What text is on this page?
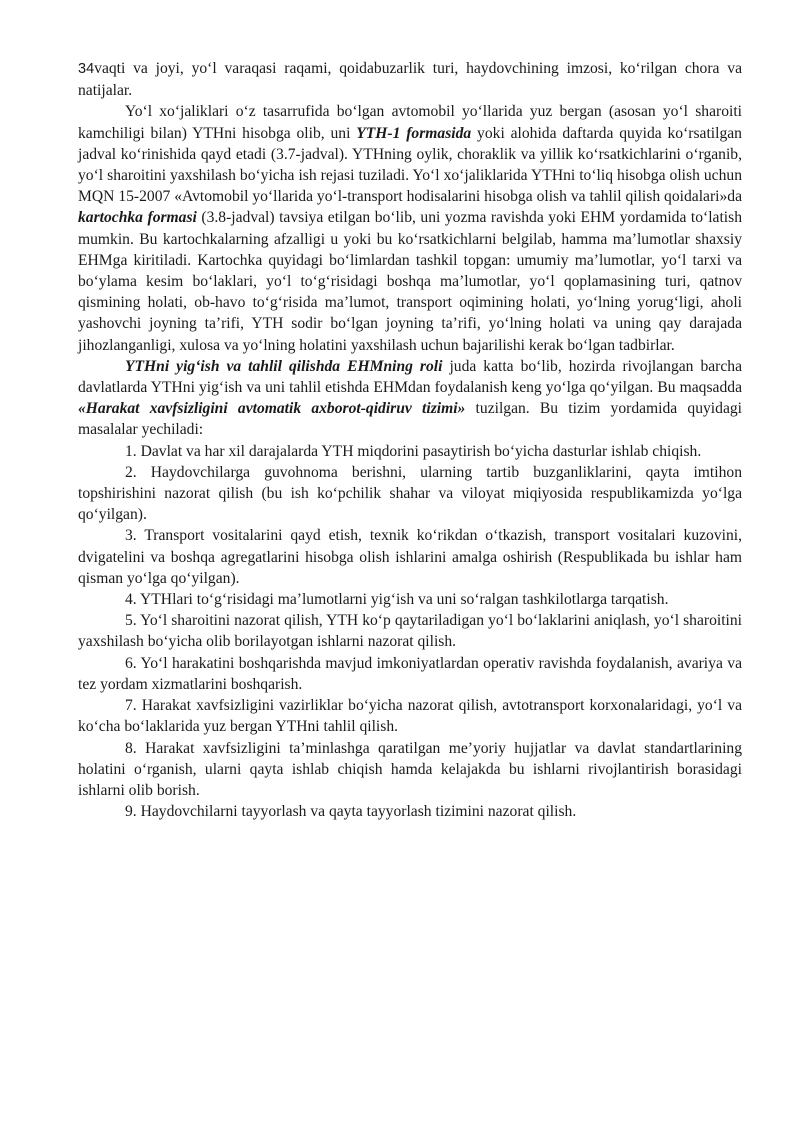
34vaqti va joyi, yo‘l varaqasi raqami, qoidabuzarlik turi, haydovchining imzosi, ko‘rilgan chora va natijalar.

Yo‘l xo‘jaliklari o‘z tasarrufida bo‘lgan avtomobil yo‘llarida yuz bergan (asosan yo‘l sharoiti kamchiligi bilan) YTHni hisobga olib, uni YTH-1 formasida yoki alohida daftarda quyida ko‘rsatilgan jadval ko‘rinishida qayd etadi (3.7-jadval). YTHning oylik, choraklik va yillik ko‘rsatkichlarini o‘rganib, yo‘l sharoitini yaxshilash bo‘yicha ish rejasi tuziladi. Yo‘l xo‘jaliklarida YTHni to‘liq hisobga olish uchun MQN 15-2007 «Avtomobil yo‘llarida yo‘l-transport hodisalarini hisobga olish va tahlil qilish qoidalari»da kartochka formasi (3.8-jadval) tavsiya etilgan bo‘lib, uni yozma ravishda yoki EHM yordamida to‘latish mumkin. Bu kartochkalarning afzalligi u yoki bu ko‘rsatkichlarni belgilab, hamma ma’lumotlar shaxsiy EHMga kiritiladi. Kartochka quyidagi bo‘limlardan tashkil topgan: umumiy ma’lumotlar, yo‘l tarxi va bo‘ylama kesim bo‘laklari, yo‘l to‘g‘risidagi boshqa ma’lumotlar, yo‘l qoplamasining turi, qatnov qismining holati, ob-havo to‘g‘risida ma’lumot, transport oqimining holati, yo‘lning yorug‘ligi, aholi yashovchi joyning ta’rifi, YTH sodir bo‘lgan joyning ta’rifi, yo‘lning holati va uning qay darajada jihozlanganligi, xulosa va yo‘lning holatini yaxshilash uchun bajarilishi kerak bo‘lgan tadbirlar.

YTHni yig‘ish va tahlil qilishda EHMning roli juda katta bo‘lib, hozirda rivojlangan barcha davlatlarda YTHni yig‘ish va uni tahlil etishda EHMdan foydalanish keng yo‘lga qo‘yilgan. Bu maqsadda «Harakat xavfsizligini avtomatik axborot-qidiruv tizimi» tuzilgan. Bu tizim yordamida quyidagi masalalar yechiladi:

1. Davlat va har xil darajalarda YTH miqdorini pasaytirish bo‘yicha dasturlar ishlab chiqish.

2. Haydovchilarga guvohnoma berishni, ularning tartib buzganliklarini, qayta imtihon topshirishini nazorat qilish (bu ish ko‘pchilik shahar va viloyat miqiyosida respublikamizda yo‘lga qo‘yilgan).

3. Transport vositalarini qayd etish, texnik ko‘rikdan o‘tkazish, transport vositalari kuzovini, dvigatelini va boshqa agregatlarini hisobga olish ishlarini amalga oshirish (Respublikada bu ishlar ham qisman yo‘lga qo‘yilgan).

4. YTHlari to‘g‘risidagi ma’lumotlarni yig‘ish va uni so‘ralgan tashkilotlarga tarqatish.

5. Yo‘l sharoitini nazorat qilish, YTH ko‘p qaytariladigan yo‘l bo‘laklarini aniqlash, yo‘l sharoitini yaxshilash bo‘yicha olib borilayotgan ishlarni nazorat qilish.

6. Yo‘l harakatini boshqarishda mavjud imkoniyatlardan operativ ravishda foydalanish, avariya va tez yordam xizmatlarini boshqarish.

7. Harakat xavfsizligini vazirliklar bo‘yicha nazorat qilish, avtotransport korxonalaridagi, yo‘l va ko‘cha bo‘laklarida yuz bergan YTHni tahlil qilish.

8. Harakat xavfsizligini ta’minlashga qaratilgan me’yoriy hujjatlar va davlat standartlarining holatini o‘rganish, ularni qayta ishlab chiqish hamda kelajakda bu ishlarni rivojlantirish borasidagi ishlarni olib borish.

9. Haydovchilarni tayyorlash va qayta tayyorlash tizimini nazorat qilish.
